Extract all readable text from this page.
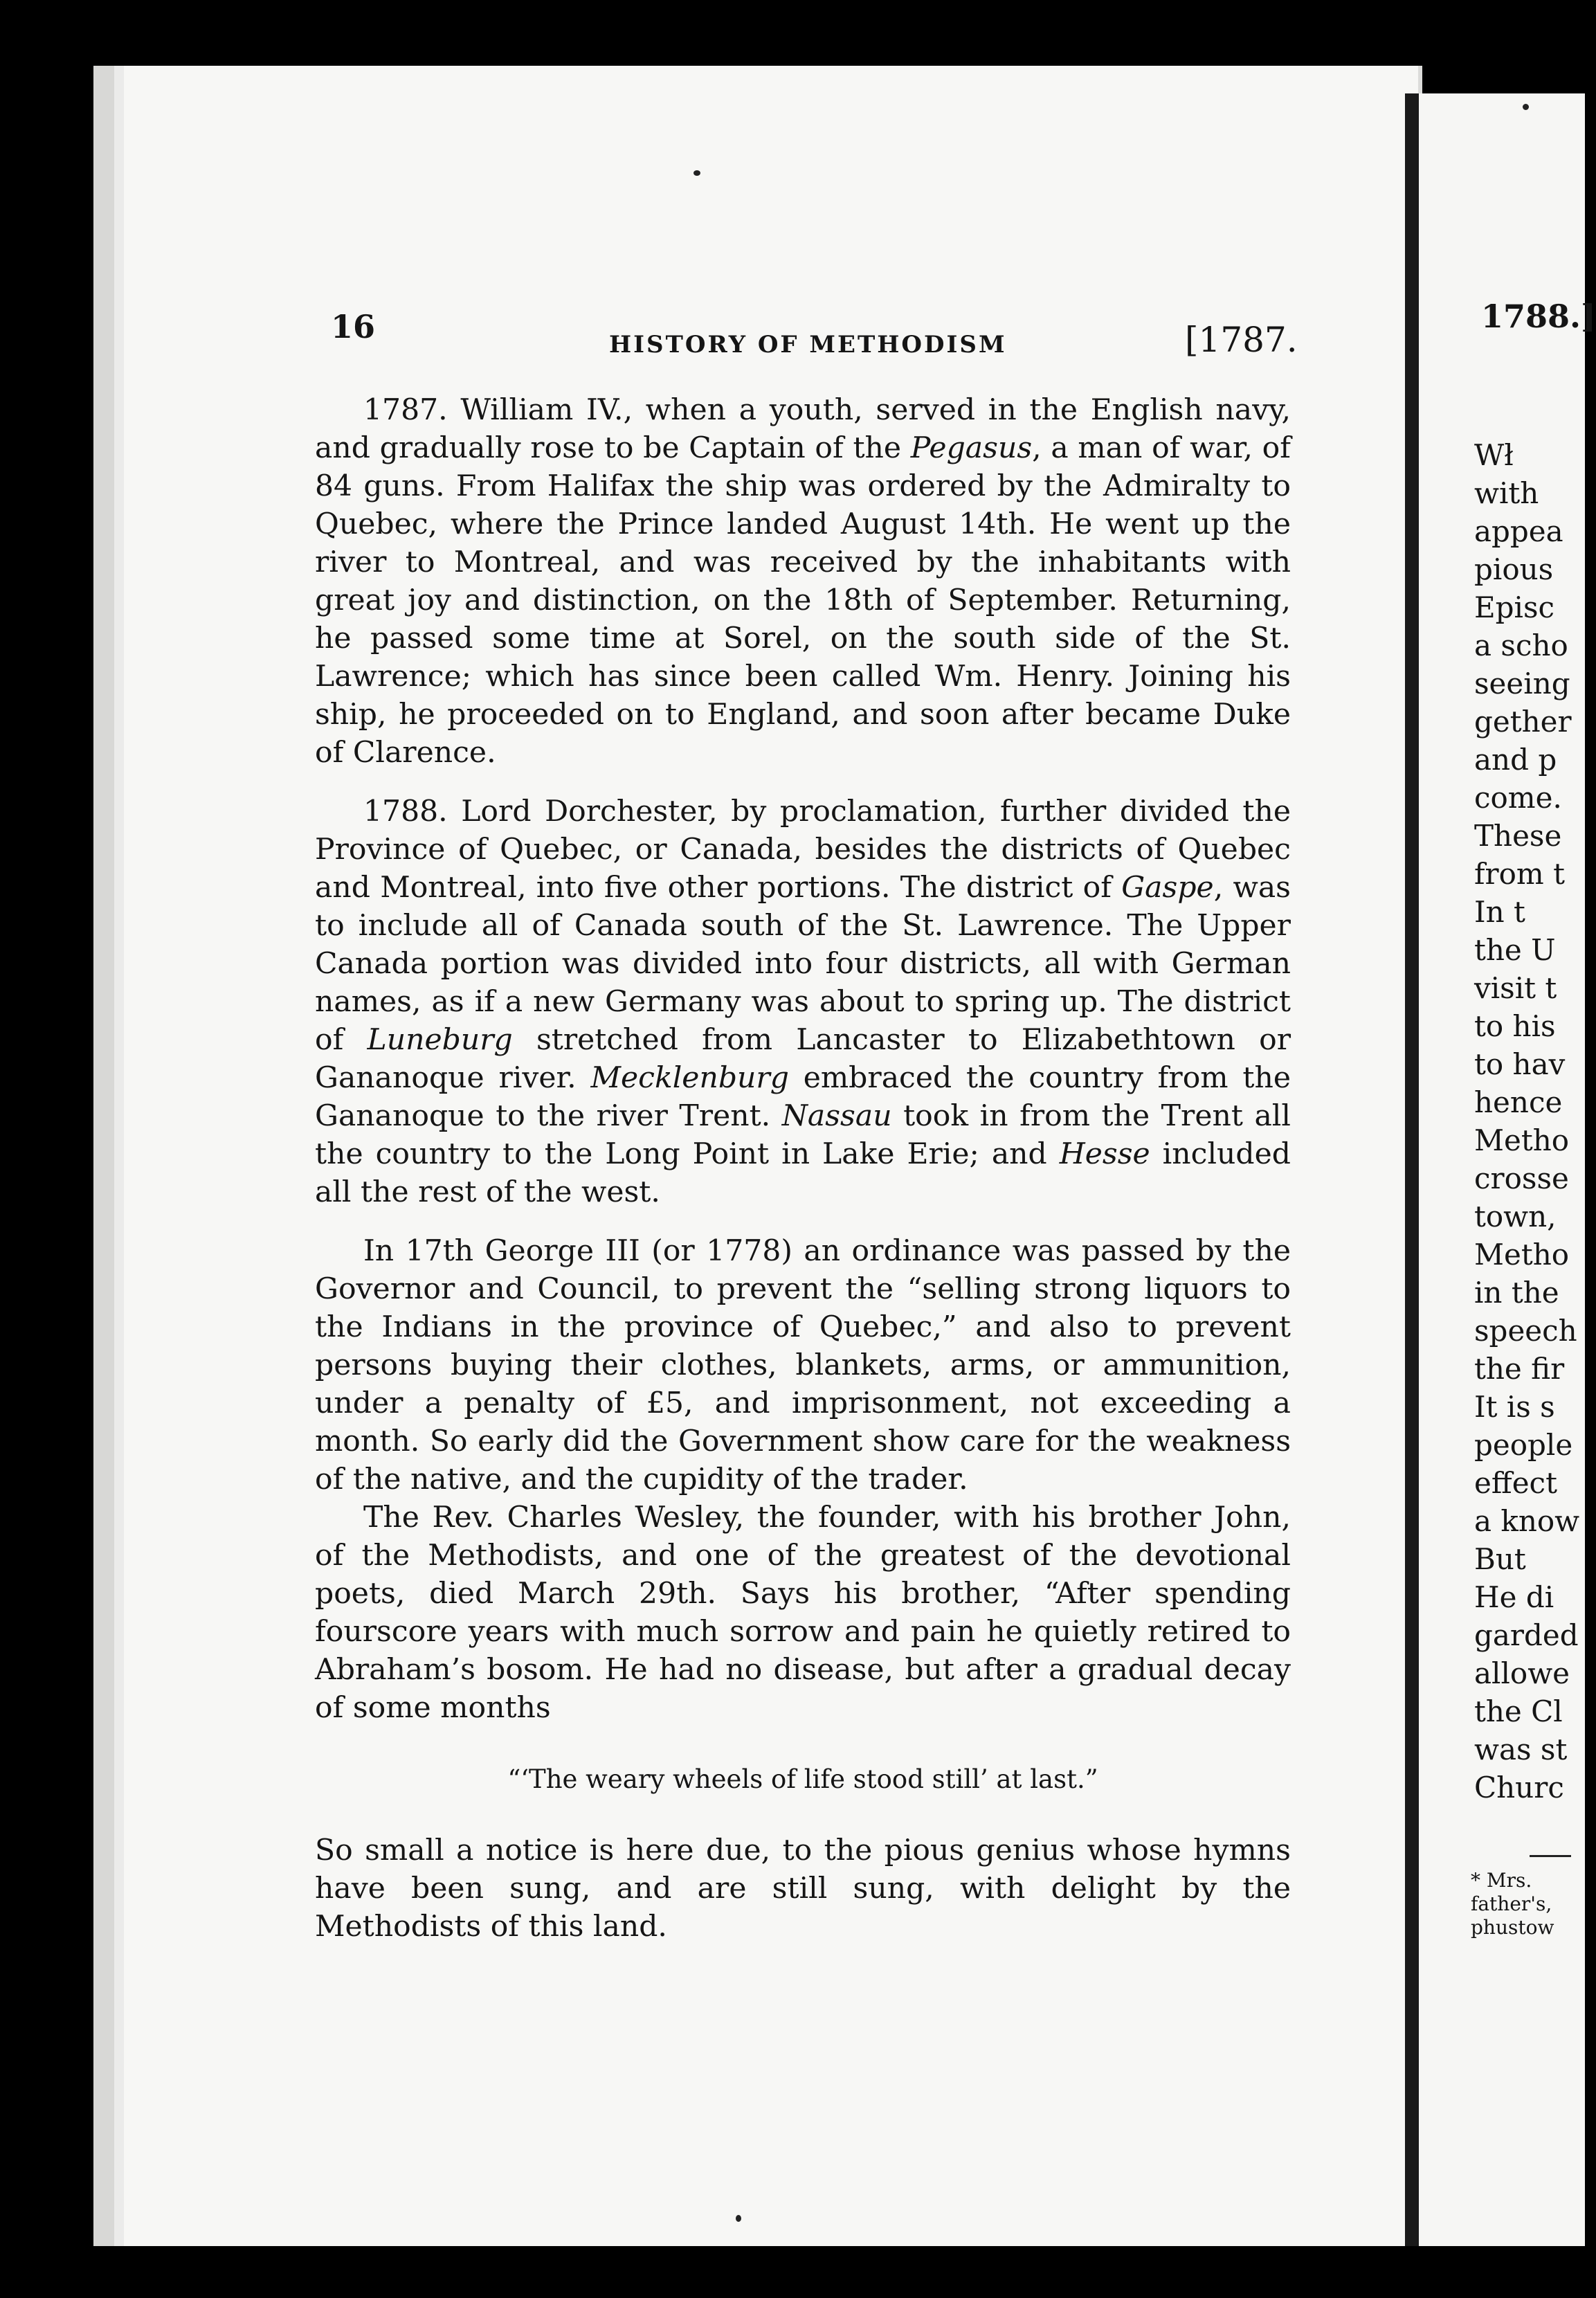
16	HISTORY OF METHODISM	[1787.

1787. William IV., when a youth, served in the English navy, and gradually rose to be Captain of the Pegasus, a man of war, of 84 guns. From Halifax the ship was ordered by the Admiralty to Quebec, where the Prince landed August 14th. He went up the river to Montreal, and was received by the inhabitants with great joy and distinction, on the 18th of September. Returning, he passed some time at Sorel, on the south side of the St. Lawrence; which has since been called Wm. Henry. Joining his ship, he proceeded on to England, and soon after became Duke of Clarence.

1788. Lord Dorchester, by proclamation, further divided the Province of Quebec, or Canada, besides the districts of Quebec and Montreal, into five other portions. The district of Gaspe, was to include all of Canada south of the St. Lawrence. The Upper Canada portion was divided into four districts, all with German names, as if a new Germany was about to spring up. The district of Luneburg stretched from Lancaster to Elizabethtown or Gananoque river. Mecklenburg embraced the country from the Gananoque to the river Trent. Nassau took in from the Trent all the country to the Long Point in Lake Erie; and Hesse included all the rest of the west.

In 17th George III (or 1778) an ordinance was passed by the Governor and Council, to prevent the “selling strong liquors to the Indians in the province of Quebec,” and also to prevent persons buying their clothes, blankets, arms, or ammunition, under a penalty of £5, and imprisonment, not exceeding a month. So early did the Government show care for the weakness of the native, and the cupidity of the trader.

The Rev. Charles Wesley, the founder, with his brother John, of the Methodists, and one of the greatest of the devotional poets, died March 29th. Says his brother, “After spending fourscore years with much sorrow and pain he quietly retired to Abraham’s bosom. He had no disease, but after a gradual decay of some months

“‘The weary wheels of life stood still’ at last.”

So small a notice is here due, to the pious genius whose hymns have been sung, and are still sung, with delight by the Methodists of this land.

1788.]
Wł
with
appea
pious
Episc
a scho
seeing
gether
and p
come.
These
from t
In t
the U
visit t
to his
to hav
hence
Metho
crosse
town,
Metho
in the
speech
the fir
It is s
people
effect
a know
But
He di
garded
allowe
the Cl
was st
Churc
* Mrs.
father's,
phustow
